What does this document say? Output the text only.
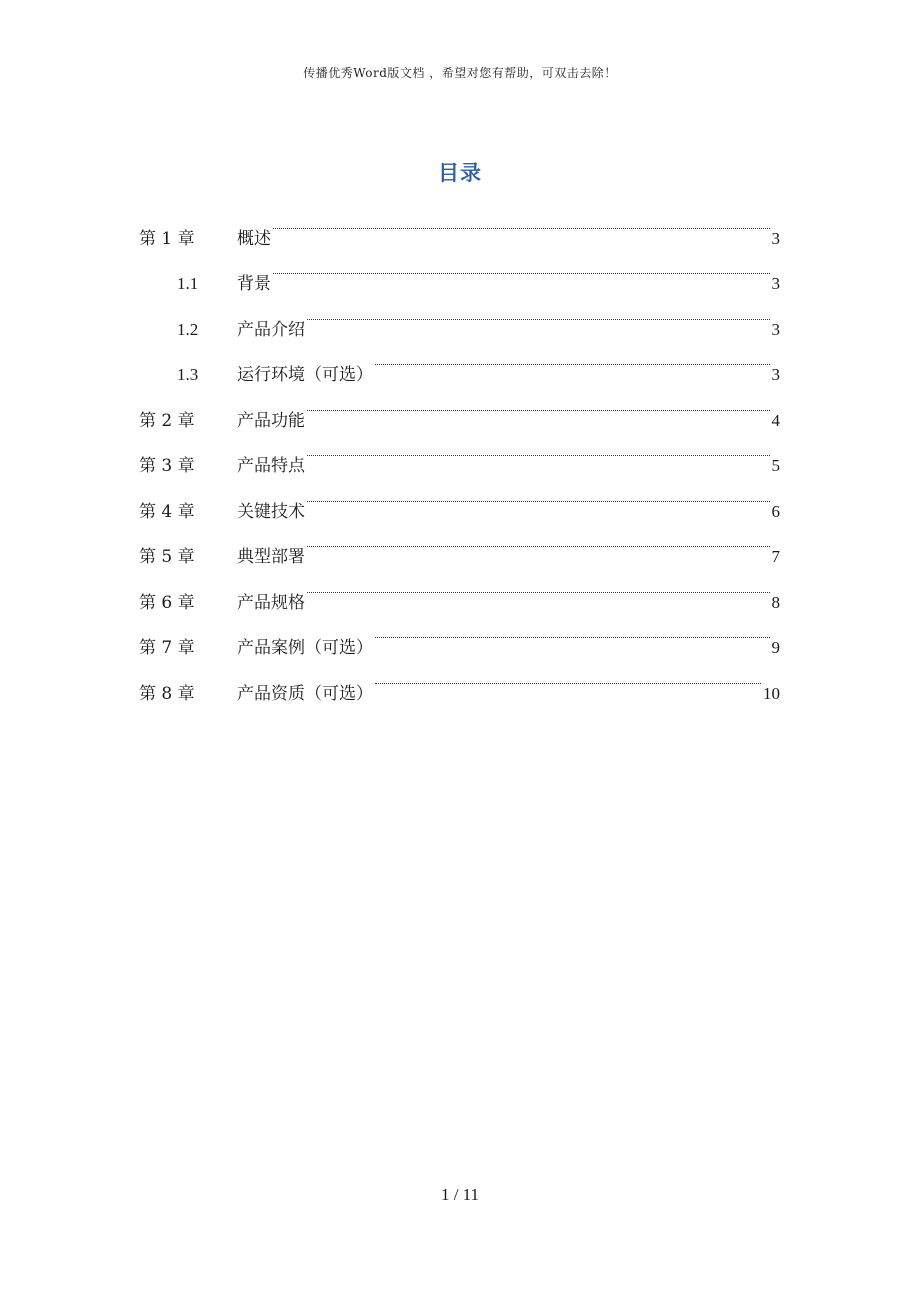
传播优秀Word版文档 ，希望对您有帮助，可双击去除！
目录
第 1 章	概述	3
1.1	背景	3
1.2	产品介绍	3
1.3	运行环境（可选）	3
第 2 章	产品功能	4
第 3 章	产品特点	5
第 4 章	关键技术	6
第 5 章	典型部署	7
第 6 章	产品规格	8
第 7 章	产品案例（可选）	9
第 8 章	产品资质（可选）	10
1 / 11
